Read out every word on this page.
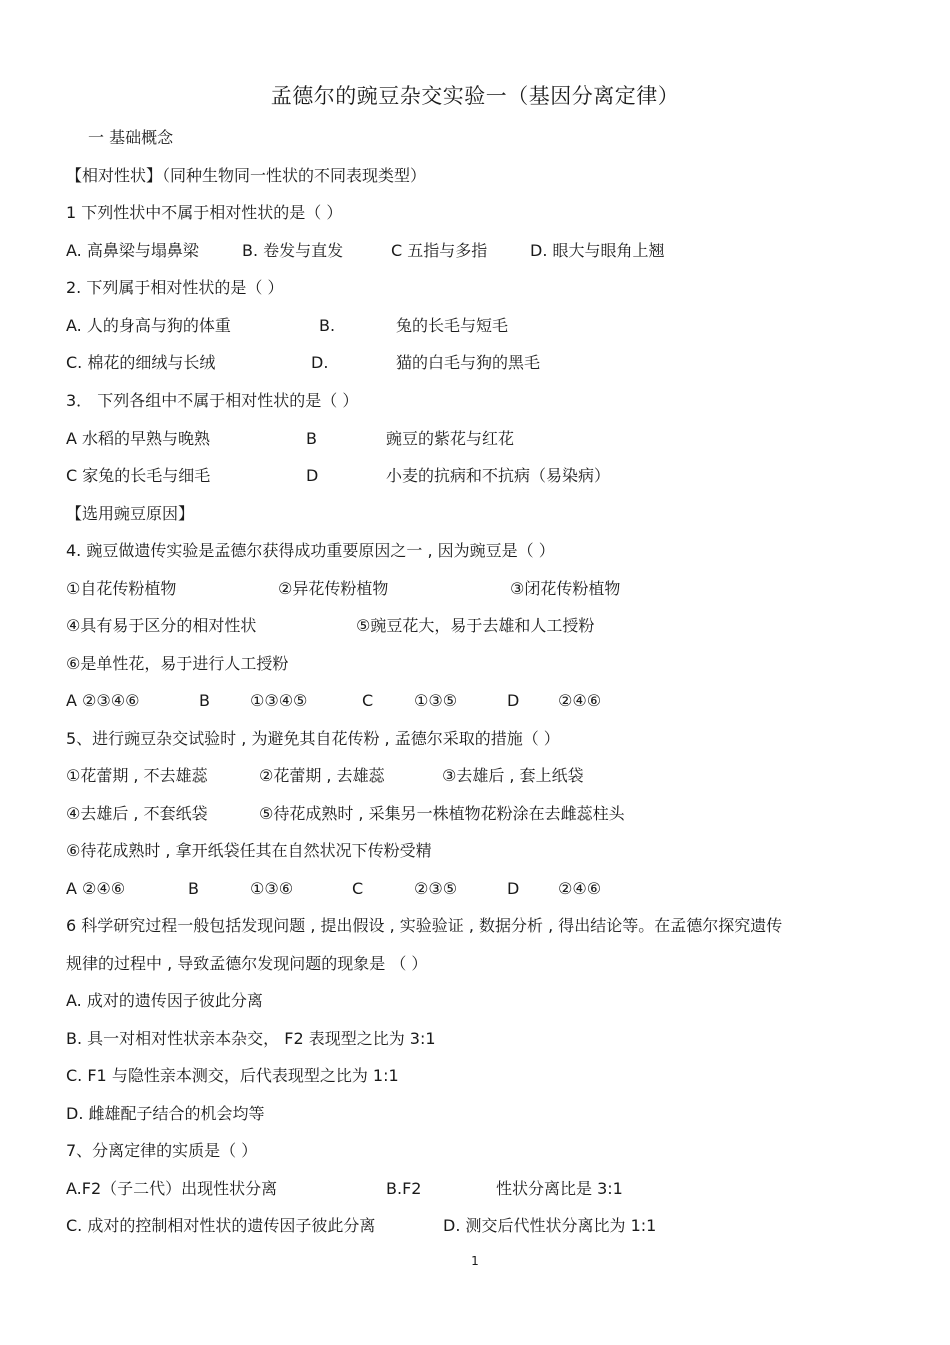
孟德尔的豌豆杂交实验一（基因分离定律）
一 基础概念
【相对性状】（同种生物同一性状的不同表现类型）
1 下列性状中不属于相对性状的是（ ）
A. 高鼻梁与塌鼻梁	B. 卷发与直发	C 五指与多指	D. 眼大与眼角上翘
2. 下列属于相对性状的是（ ）
A. 人的身高与狗的体重	B.	兔的长毛与短毛
C. 棉花的细绒与长绒	D.	猫的白毛与狗的黑毛
3． 下列各组中不属于相对性状的是（ ）
A 水稻的早熟与晚熟	B	豌豆的紫花与红花
C 家兔的长毛与细毛	D	小麦的抗病和不抗病（易染病）
【选用豌豆原因】
4. 豌豆做遗传实验是孟德尔获得成功重要原因之一 , 因为豌豆是（ ）
①自花传粉植物	②异花传粉植物	③闭花传粉植物
④具有易于区分的相对性状	⑤豌豆花大，易于去雄和人工授粉
⑥是单性花，易于进行人工授粉
A ②③④⑥	B	①③④⑤	C	①③⑤	D ②④⑥
5、进行豌豆杂交试验时 , 为避免其自花传粉 , 孟德尔采取的措施（ ）
①花蕾期 , 不去雄蕊	②花蕾期 , 去雄蕊	③去雄后 , 套上纸袋
④去雄后 , 不套纸袋	⑤待花成熟时 , 采集另一株植物花粉涂在去雌蕊柱头
⑥待花成熟时 , 拿开纸袋任其在自然状况下传粉受精
A ②④⑥	B	①③⑥	C	②③⑤	D ②④⑥
6 科学研究过程一般包括发现问题 , 提出假设 , 实验验证 , 数据分析 , 得出结论等。在孟德尔探究遗传
规律的过程中 , 导致孟德尔发现问题的现象是 （ ）
A. 成对的遗传因子彼此分离
B. 具一对相对性状亲本杂交， F2 表现型之比为 3:1
C. F1 与隐性亲本测交，后代表现型之比为 1:1
D. 雌雄配子结合的机会均等
7、分离定律的实质是（ ）
A.F2（子二代）出现性状分离	B.F2	性状分离比是 3:1
C. 成对的控制相对性状的遗传因子彼此分离	D. 测交后代性状分离比为 1:1
1
